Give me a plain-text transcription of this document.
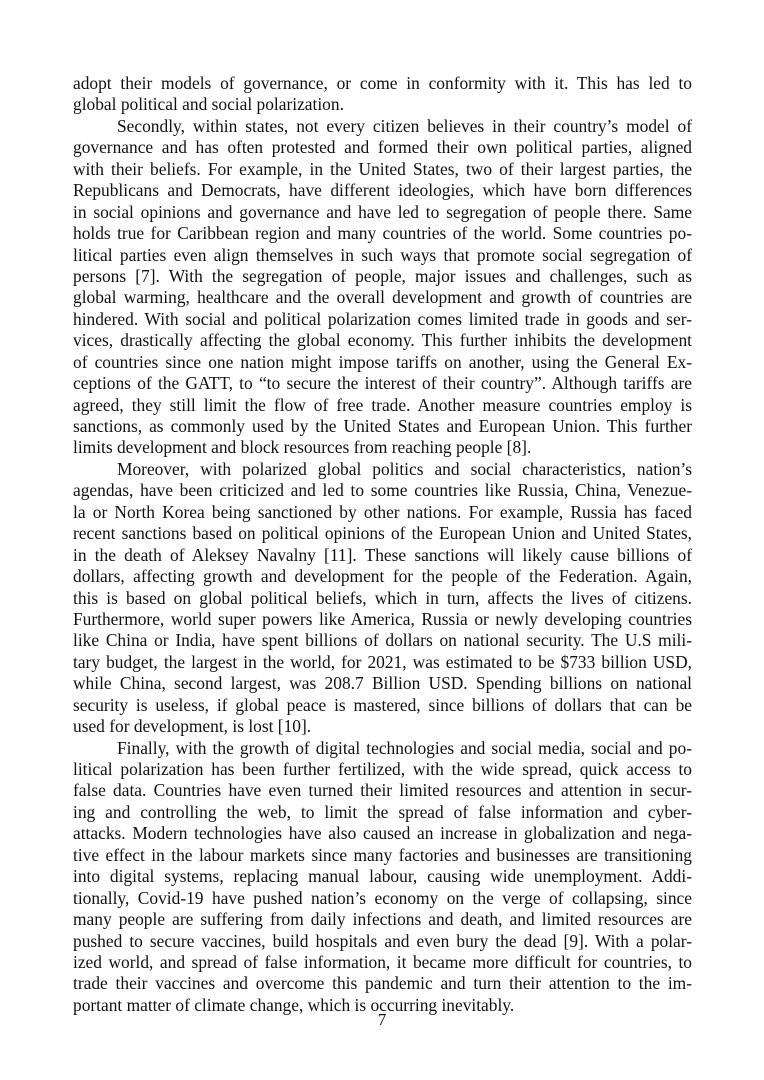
adopt their models of governance, or come in conformity with it. This has led to
global political and social polarization.
Secondly, within states, not every citizen believes in their country’s model of
governance and has often protested and formed their own political parties, aligned
with their beliefs. For example, in the United States, two of their largest parties, the
Republicans and Democrats, have different ideologies, which have born differences
in social opinions and governance and have led to segregation of people there. Same
holds true for Caribbean region and many countries of the world. Some countries po-
litical parties even align themselves in such ways that promote social segregation of
persons [7]. With the segregation of people, major issues and challenges, such as
global warming, healthcare and the overall development and growth of countries are
hindered. With social and political polarization comes limited trade in goods and ser-
vices, drastically affecting the global economy. This further inhibits the development
of countries since one nation might impose tariffs on another, using the General Ex-
ceptions of the GATT, to “to secure the interest of their country”. Although tariffs are
agreed, they still limit the flow of free trade. Another measure countries employ is
sanctions, as commonly used by the United States and European Union. This further
limits development and block resources from reaching people [8].
Moreover, with polarized global politics and social characteristics, nation’s
agendas, have been criticized and led to some countries like Russia, China, Venezue-
la or North Korea being sanctioned by other nations. For example, Russia has faced
recent sanctions based on political opinions of the European Union and United States,
in the death of Aleksey Navalny [11]. These sanctions will likely cause billions of
dollars, affecting growth and development for the people of the Federation. Again,
this is based on global political beliefs, which in turn, affects the lives of citizens.
Furthermore, world super powers like America, Russia or newly developing countries
like China or India, have spent billions of dollars on national security. The U.S mili-
tary budget, the largest in the world, for 2021, was estimated to be $733 billion USD,
while China, second largest, was 208.7 Billion USD. Spending billions on national
security is useless, if global peace is mastered, since billions of dollars that can be
used for development, is lost [10].
Finally, with the growth of digital technologies and social media, social and po-
litical polarization has been further fertilized, with the wide spread, quick access to
false data. Countries have even turned their limited resources and attention in secur-
ing and controlling the web, to limit the spread of false information and cyber-
attacks. Modern technologies have also caused an increase in globalization and nega-
tive effect in the labour markets since many factories and businesses are transitioning
into digital systems, replacing manual labour, causing wide unemployment. Addi-
tionally, Covid-19 have pushed nation’s economy on the verge of collapsing, since
many people are suffering from daily infections and death, and limited resources are
pushed to secure vaccines, build hospitals and even bury the dead [9]. With a polar-
ized world, and spread of false information, it became more difficult for countries, to
trade their vaccines and overcome this pandemic and turn their attention to the im-
portant matter of climate change, which is occurring inevitably.
7
